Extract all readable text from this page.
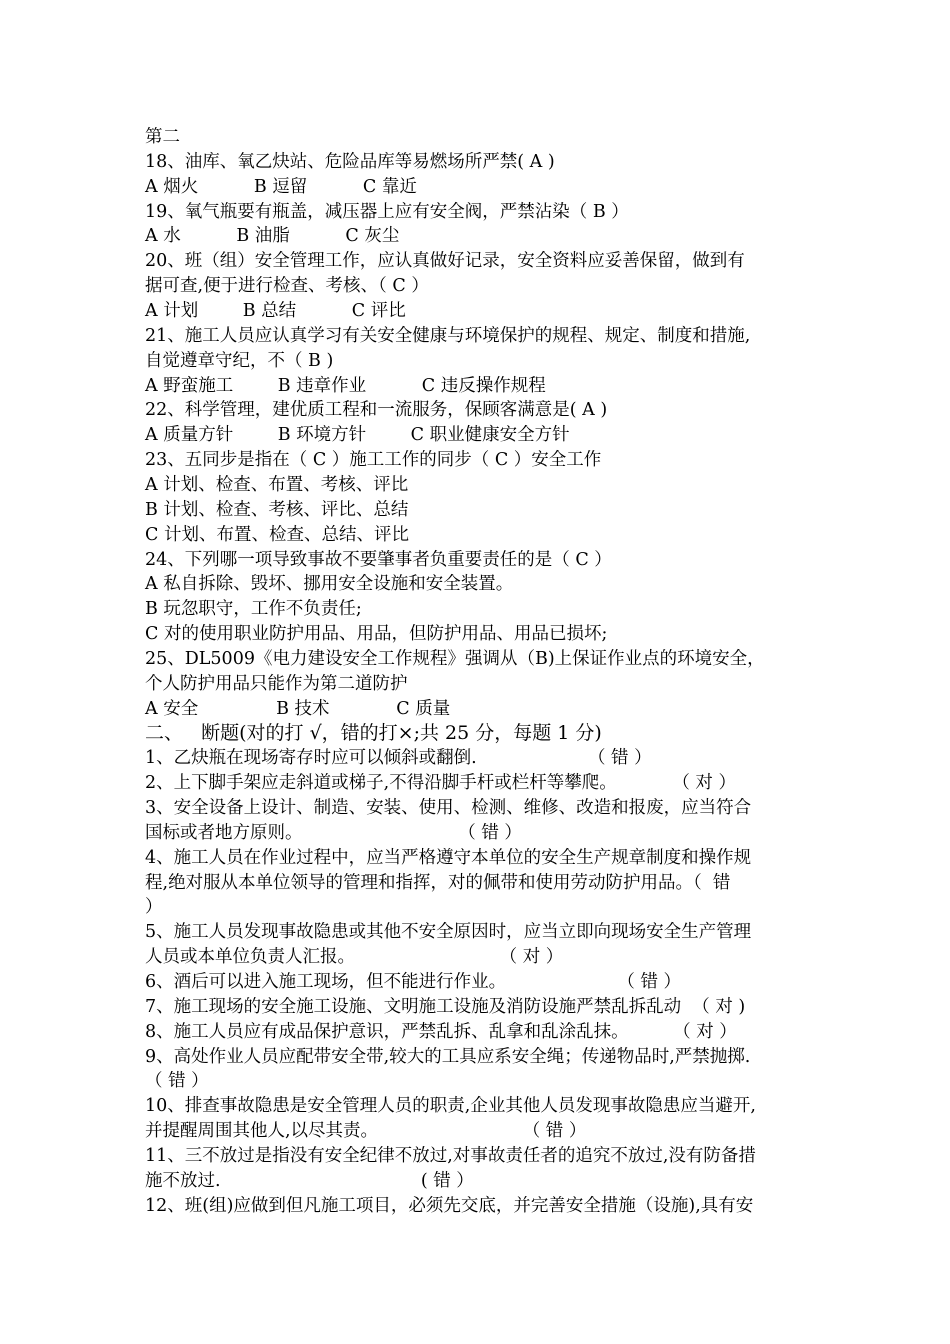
第二
18、油库、氧乙炔站、危险品库等易燃场所严禁( A )
A 烟火          B 逗留          C 靠近
19、氧气瓶要有瓶盖，减压器上应有安全阀，严禁沾染（ B ）
A 水          B 油脂          C 灰尘
20、班（组）安全管理工作，应认真做好记录，安全资料应妥善保留，做到有
据可查,便于进行检查、考核、（ C ）
A 计划        B 总结          C 评比
21、施工人员应认真学习有关安全健康与环境保护的规程、规定、制度和措施,
自觉遵章守纪，不（ B )
A 野蛮施工        B 违章作业          C 违反操作规程
22、科学管理，建优质工程和一流服务，保顾客满意是( A )
A 质量方针        B 环境方针        C 职业健康安全方针
23、五同步是指在（ C ）施工工作的同步（ C ）安全工作
A 计划、检查、布置、考核、评比
B 计划、检查、考核、评比、总结
C 计划、布置、检查、总结、评比
24、下列哪一项导致事故不要肇事者负重要责任的是（ C ）
A 私自拆除、毁坏、挪用安全设施和安全装置。
B 玩忽职守，工作不负责任;
C 对的使用职业防护用品、用品，但防护用品、用品已损坏;
25、DL5009《电力建设安全工作规程》强调从（B)上保证作业点的环境安全，
个人防护用品只能作为第二道防护
A 安全              B 技术            C 质量
二、   断题(对的打 √，错的打×;共 25 分，每题 1 分)
1、乙炔瓶在现场寄存时应可以倾斜或翻倒.                    （ 错 ）
2、上下脚手架应走斜道或梯子,不得沿脚手杆或栏杆等攀爬。          （ 对 ）
3、安全设备上设计、制造、安装、使用、检测、维修、改造和报废，应当符合
国标或者地方原则。                            （ 错 ）
4、施工人员在作业过程中，应当严格遵守本单位的安全生产规章制度和操作规
程,绝对服从本单位领导的管理和指挥，对的佩带和使用劳动防护用品。（  错
）
5、施工人员发现事故隐患或其他不安全原因时，应当立即向现场安全生产管理
人员或本单位负责人汇报。                          （ 对 ）
6、酒后可以进入施工现场，但不能进行作业。                    （ 错 ）
7、施工现场的安全施工设施、文明施工设施及消防设施严禁乱拆乱动  （ 对 )
8、施工人员应有成品保护意识，严禁乱拆、乱拿和乱涂乱抹。        （ 对 ）
9、高处作业人员应配带安全带,较大的工具应系安全绳；传递物品时,严禁抛掷.
（ 错 ）
10、排查事故隐患是安全管理人员的职责,企业其他人员发现事故隐患应当避开,
并提醒周围其他人,以尽其责。                          （ 错 ）
11、三不放过是指没有安全纪律不放过,对事故责任者的追究不放过,没有防备措
施不放过.                                    ( 错 ）
12、班(组)应做到但凡施工项目，必须先交底，并完善安全措施（设施),具有安
